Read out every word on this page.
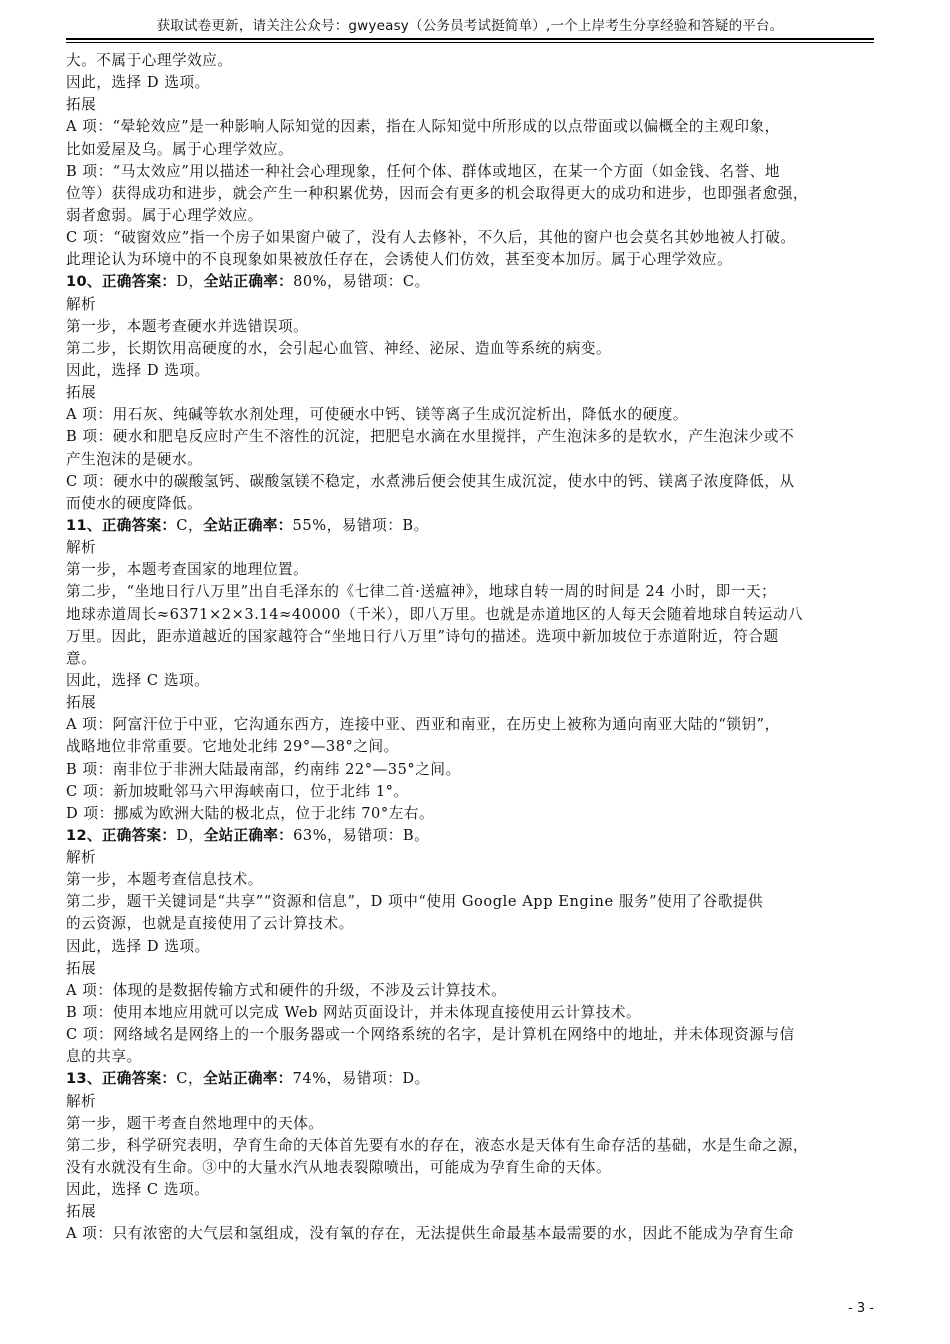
获取试卷更新，请关注公众号：gwyeasy（公务员考试挺简单）,一个上岸考生分享经验和答疑的平台。
大。不属于心理学效应。
因此，选择 D 选项。
拓展
A 项：“晕轮效应”是一种影响人际知觉的因素，指在人际知觉中所形成的以点带面或以偏概全的主观印象，
比如爱屋及乌。属于心理学效应。
B 项：“马太效应”用以描述一种社会心理现象，任何个体、群体或地区，在某一个方面（如金钱、名誉、地
位等）获得成功和进步，就会产生一种积累优势，因而会有更多的机会取得更大的成功和进步，也即强者愈强，
弱者愈弱。属于心理学效应。
C 项：“破窗效应”指一个房子如果窗户破了，没有人去修补，不久后，其他的窗户也会莫名其妙地被人打破。
此理论认为环境中的不良现象如果被放任存在，会诱使人们仿效，甚至变本加厉。属于心理学效应。
10、正确答案：D，全站正确率：80%，易错项：C。
解析
第一步，本题考查硬水并选错误项。
第二步，长期饮用高硬度的水，会引起心血管、神经、泌尿、造血等系统的病变。
因此，选择 D 选项。
拓展
A 项：用石灰、纯碱等软水剂处理，可使硬水中钙、镁等离子生成沉淀析出，降低水的硬度。
B 项：硬水和肥皂反应时产生不溶性的沉淀，把肥皂水滴在水里搅拌，产生泡沫多的是软水，产生泡沫少或不
产生泡沫的是硬水。
C 项：硬水中的碳酸氢钙、碳酸氢镁不稳定，水煮沸后便会使其生成沉淀，使水中的钙、镁离子浓度降低，从
而使水的硬度降低。
11、正确答案：C，全站正确率：55%，易错项：B。
解析
第一步，本题考查国家的地理位置。
第二步，“坐地日行八万里”出自毛泽东的《七律二首·送瘟神》，地球自转一周的时间是 24 小时，即一天；
地球赤道周长≈6371×2×3.14≈40000（千米），即八万里。也就是赤道地区的人每天会随着地球自转运动八
万里。因此，距赤道越近的国家越符合“坐地日行八万里”诗句的描述。选项中新加坡位于赤道附近，符合题
意。
因此，选择 C 选项。
拓展
A 项：阿富汗位于中亚，它沟通东西方，连接中亚、西亚和南亚，在历史上被称为通向南亚大陆的“锁钥”，
战略地位非常重要。它地处北纬 29°—38°之间。
B 项：南非位于非洲大陆最南部，约南纬 22°—35°之间。
C 项：新加坡毗邻马六甲海峡南口，位于北纬 1°。
D 项：挪威为欧洲大陆的极北点，位于北纬 70°左右。
12、正确答案：D，全站正确率：63%，易错项：B。
解析
第一步，本题考查信息技术。
第二步，题干关键词是“共享”“资源和信息”，D 项中“使用 Google App Engine 服务”使用了谷歌提供
的云资源，也就是直接使用了云计算技术。
因此，选择 D 选项。
拓展
A 项：体现的是数据传输方式和硬件的升级，不涉及云计算技术。
B 项：使用本地应用就可以完成 Web 网站页面设计，并未体现直接使用云计算技术。
C 项：网络域名是网络上的一个服务器或一个网络系统的名字，是计算机在网络中的地址，并未体现资源与信
息的共享。
13、正确答案：C，全站正确率：74%，易错项：D。
解析
第一步，题干考查自然地理中的天体。
第二步，科学研究表明，孕育生命的天体首先要有水的存在，液态水是天体有生命存活的基础，水是生命之源，
没有水就没有生命。③中的大量水汽从地表裂隙喷出，可能成为孕育生命的天体。
因此，选择 C 选项。
拓展
A 项：只有浓密的大气层和氢组成，没有氧的存在，无法提供生命最基本最需要的水，因此不能成为孕育生命
- 3 -
